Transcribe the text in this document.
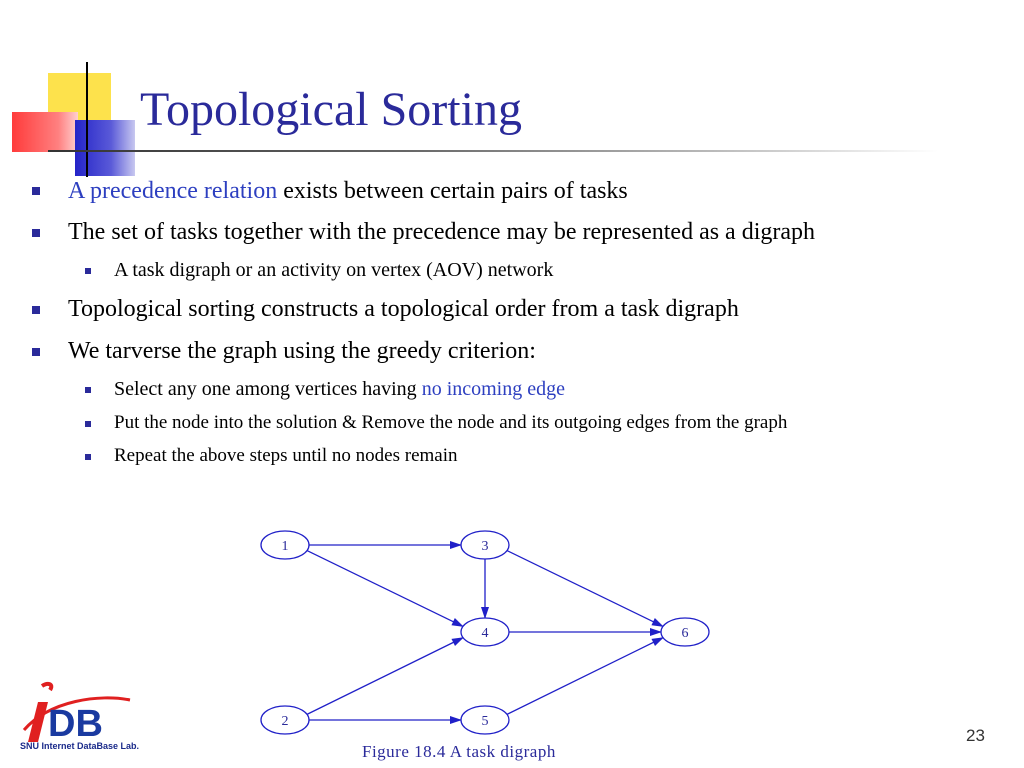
Topological Sorting
A precedence relation exists between certain pairs of tasks
The set of tasks together with the precedence may be represented as a digraph
A task digraph or an activity on vertex (AOV) network
Topological sorting constructs a topological order from a task digraph
We tarverse the graph using the greedy criterion:
Select any one among vertices having no incoming edge
Put the node into the solution & Remove the node and its outgoing edges from the graph
Repeat the above steps until no nodes remain
1
2
3
4
5
6
Figure 18.4 A task digraph
DB
SNU Internet DataBase Lab.
23
